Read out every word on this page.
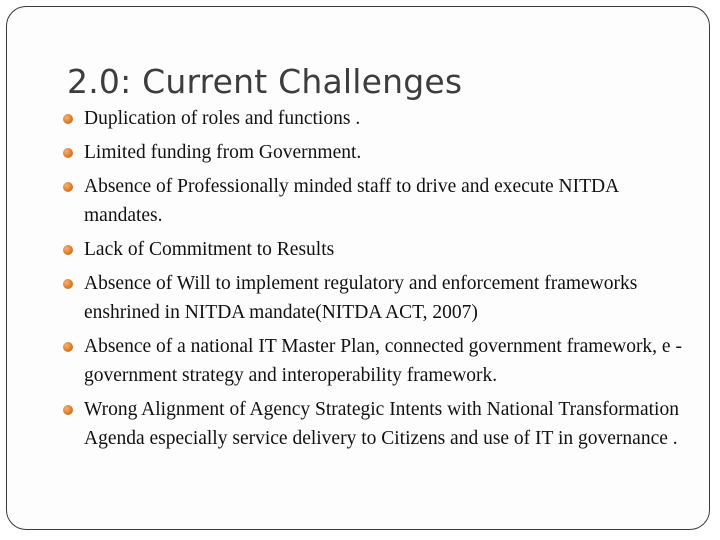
2.0: Current Challenges
Duplication of roles and functions .
Limited funding from Government.
Absence of Professionally minded staff to drive and execute NITDA mandates.
Lack of Commitment to Results
Absence of Will to implement regulatory and enforcement frameworks enshrined in NITDA mandate(NITDA ACT, 2007)
Absence of a national IT Master Plan, connected government framework, e -government strategy and interoperability framework.
Wrong Alignment of Agency Strategic Intents with National Transformation Agenda especially service delivery to Citizens and use of IT in governance .
